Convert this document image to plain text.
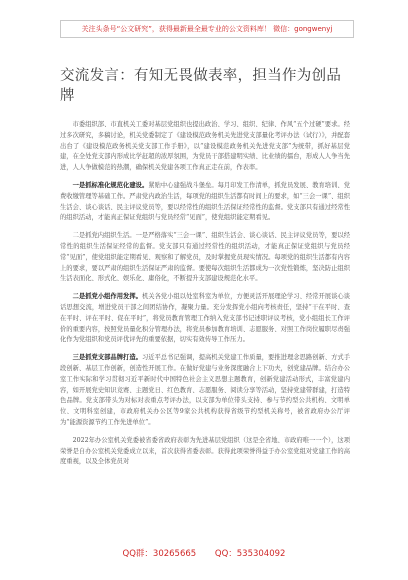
关注头条号“公文研究”，获得最新最全最专业的公文资料库！ 微信：gongwenyj
交流发言：有知无畏做表率，担当作为创品牌

市委组织部、市直机关工委对基层党组织也提出政治、学习、组织、纪律、作风“五个过硬”要求。经过多次研究，多稿讨论，机关党委制定了《建设模范政务机关先进党支部量化考评办法（试行）》，并配套出台了《建设模范政务机关党支部工作手册》，以“建设模范政务机关先进党支部”为统带，抓好基层党建，在全处党支部内形成比学赶超的浓厚氛围，为党员干部搭建明实绩、比业绩的擂台，形成人人争当先进，人人争做模范的热潮，确保机关党建各项工作真正走在前，作表率。

一是抓标准化规范化建设。紧贴中心建强战斗堡垒。每月印发工作清单，抓党员发展、教育培训、党费收缴管理等基础工作。严肃党内政治生活，每项党的组织生活都有时间上的要求，如“三会一课”、组织生活会、谈心谈话、民主评议党员等，要以经常性的组织生活保证经常性的监督。党支部只有通过经常性的组织活动，才能真正保证党组织与党员经常“见面”，使党组织能定期看见。

二是抓党内组织生活。一是严格落实“三会一课”、组织生活会、谈心谈话、民主评议党员等，要以经常性的组织生活保证经常的监督。党支部只有通过经常性的组织活动，才能真正保证党组织与党员经常“见面”，使党组织能定期看见、观察和了解党员，及时掌握党员现实情况。每项党的组织生活都有内容上的要求，要以严肃的组织生活保证严肃的监督。要使每次组织生活都成为一次党性锻炼，坚决防止组织生活表面化、形式化、娱乐化、庸俗化，不断提升支部建设规范化水平。

二是抓党小组作用发挥。机关各党小组以处室科室为单位，方便灵活开展理论学习、经常开展谈心谈话思想交流，增进党员干部之间团结协作，凝聚力量。充分发挥党小组向考核责任，坚持“干在平时、查在平时、评在平时、促在平时”，将党员教育管理工作纳入党支部书记述职评议考核，党小组组长工作评价的重要内容，按照党员量化积分管理办法，将党员参加教育培训、志愿服务、对照工作岗位履职尽责强化作为党组织和党员评优评先的重要依据，切实有效传导工作压力。

三是抓党支部品牌打造。习近平总书记强调，提高机关党建工作质量，要推进理念思路创新、方式手段创新、基层工作创新，创造性开展工作。在做好党建与业务深度融合上下功夫，创党建品牌。结合办公室工作实际和学习贯彻习近平新时代中国特色社会主义思想主题教育，创新党建活动形式，丰富党建内容，如开展党史知识竞赛、主题党日、红色教育、志愿服务、阅读分享等活动，坚持党建带群建，打造特色品牌。党支部带头为对标对表重点考评办法，以支部为单位带头支持、参与节约型公共机构、文明单位、文明科室创建，市政府机关办公区等9家公共机构获得省级节约型机关称号，被省政府办公厅评为“能源资源节约工作先进单位”。

2022年办公室机关党委被省委省政府表彰为先进基层党组织（这是全省地、市政府唯一一个），这项荣誉是自办公室机关党委成立以来，首次获得省委表彰。获得此项荣誉得益于办公室党组对党建工作的高度重视，以及全体党员对

QQ群：30265665 QQ：535304092
